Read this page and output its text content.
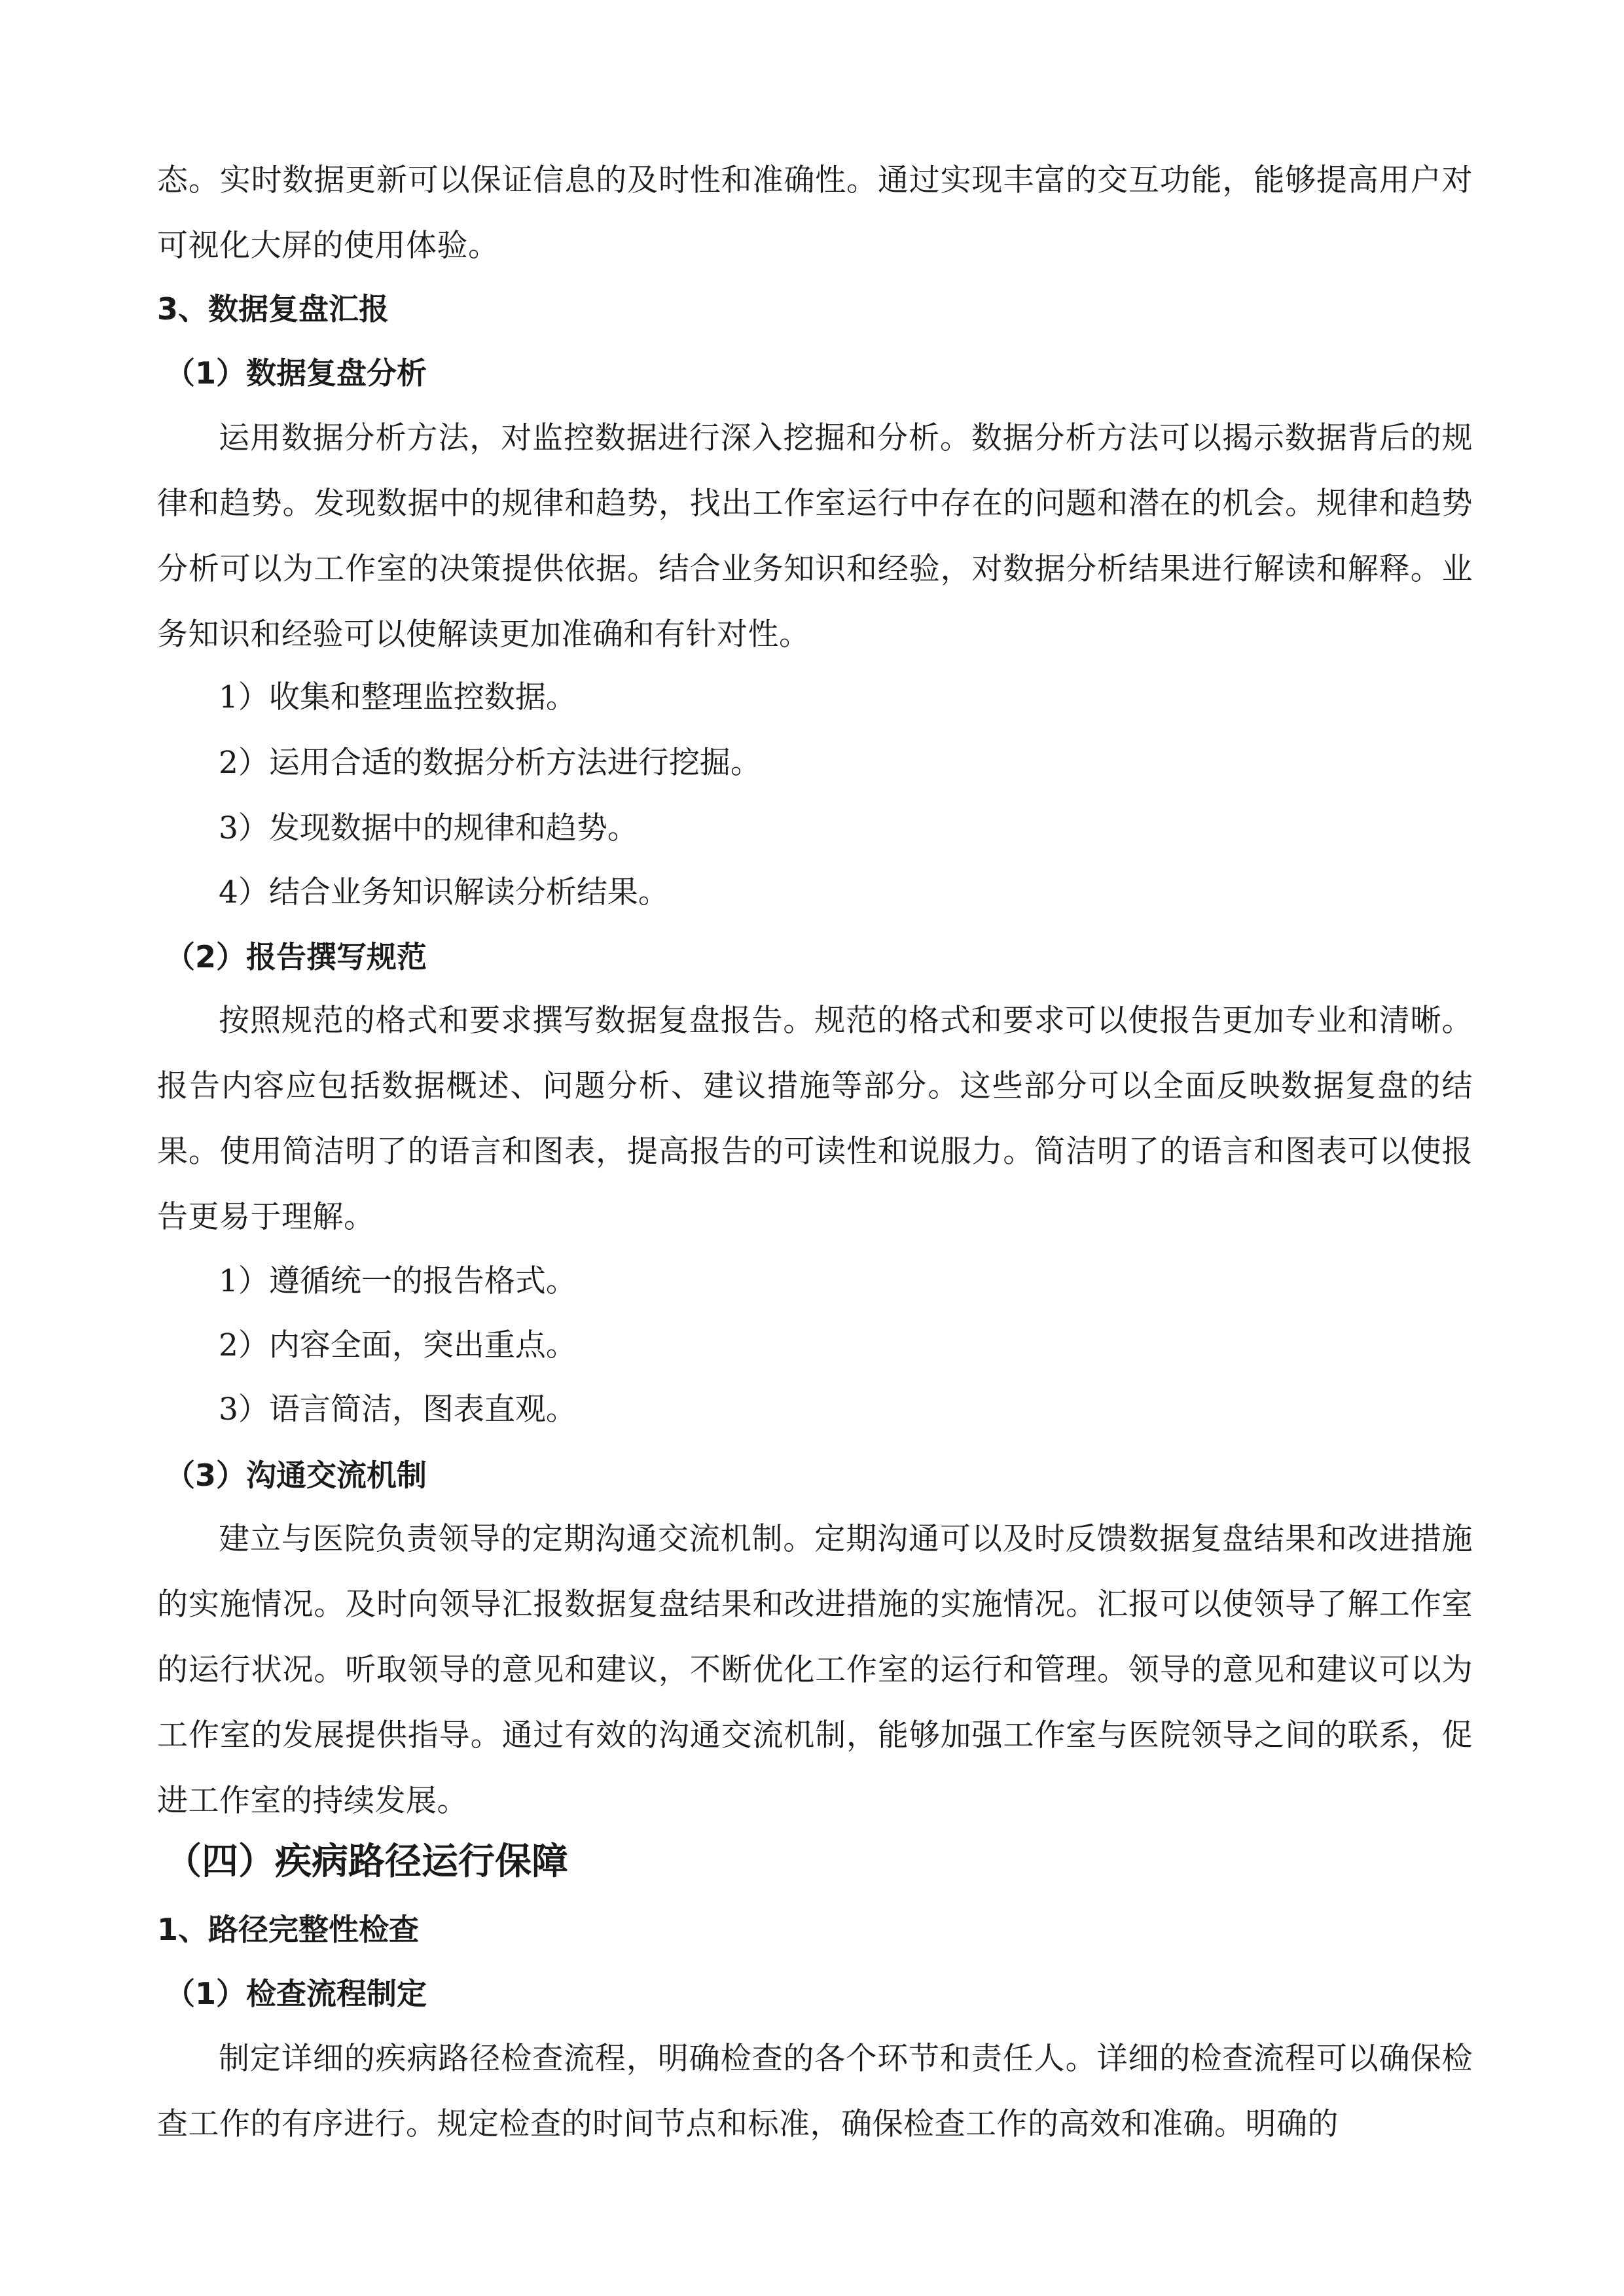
态。实时数据更新可以保证信息的及时性和准确性。通过实现丰富的交互功能，能够提高用户对可视化大屏的使用体验。

3、数据复盘汇报
（1）数据复盘分析

运用数据分析方法，对监控数据进行深入挖掘和分析。数据分析方法可以揭示数据背后的规律和趋势。发现数据中的规律和趋势，找出工作室运行中存在的问题和潜在的机会。规律和趋势分析可以为工作室的决策提供依据。结合业务知识和经验，对数据分析结果进行解读和解释。业务知识和经验可以使解读更加准确和有针对性。

1）收集和整理监控数据。
2）运用合适的数据分析方法进行挖掘。
3）发现数据中的规律和趋势。
4）结合业务知识解读分析结果。
（2）报告撰写规范

按照规范的格式和要求撰写数据复盘报告。规范的格式和要求可以使报告更加专业和清晰。报告内容应包括数据概述、问题分析、建议措施等部分。这些部分可以全面反映数据复盘的结果。使用简洁明了的语言和图表，提高报告的可读性和说服力。简洁明了的语言和图表可以使报告更易于理解。

1）遵循统一的报告格式。
2）内容全面，突出重点。
3）语言简洁，图表直观。
（3）沟通交流机制

建立与医院负责领导的定期沟通交流机制。定期沟通可以及时反馈数据复盘结果和改进措施的实施情况。及时向领导汇报数据复盘结果和改进措施的实施情况。汇报可以使领导了解工作室的运行状况。听取领导的意见和建议，不断优化工作室的运行和管理。领导的意见和建议可以为工作室的发展提供指导。通过有效的沟通交流机制，能够加强工作室与医院领导之间的联系，促进工作室的持续发展。

（四）疾病路径运行保障
1、路径完整性检查
（1）检查流程制定

制定详细的疾病路径检查流程，明确检查的各个环节和责任人。详细的检查流程可以确保检查工作的有序进行。规定检查的时间节点和标准，确保检查工作的高效和准确。明确的
